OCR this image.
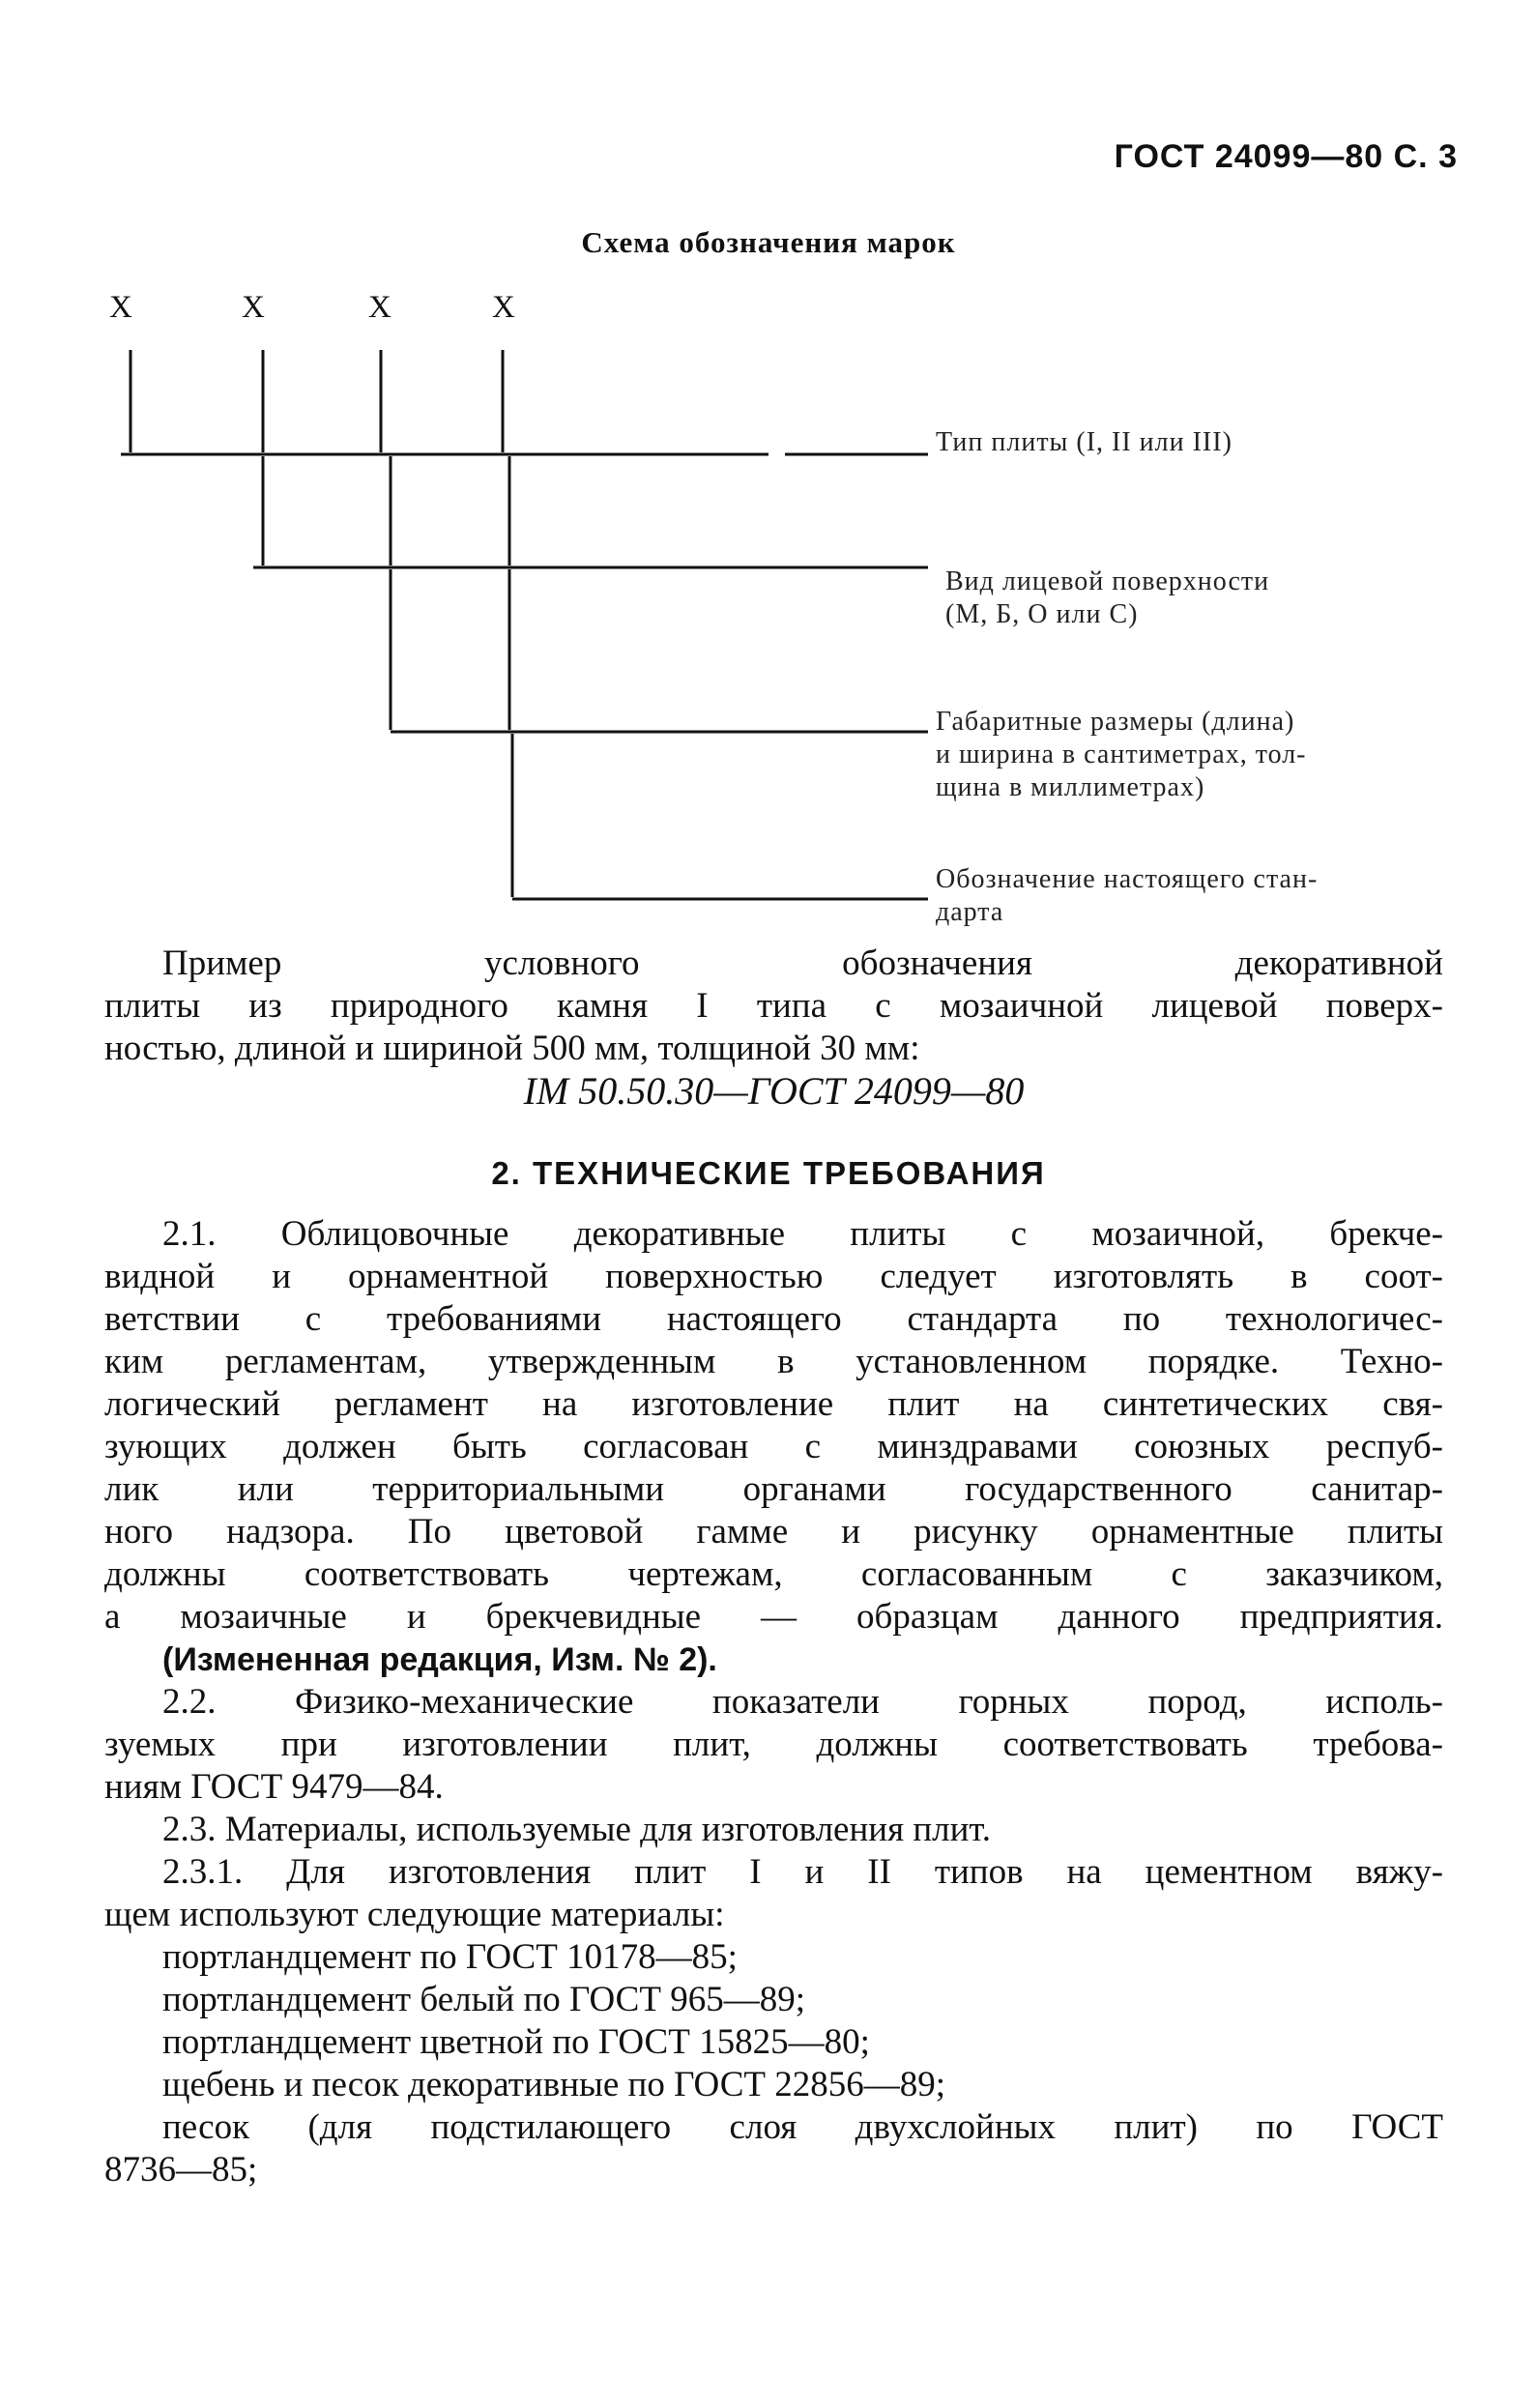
ГОСТ 24099—80 С. 3
Схема обозначения марок
X	X	X	X
Тип плиты (I, II или III)
Вид лицевой поверхности
(М, Б, О или С)
Габаритные размеры (длина)
и ширина в сантиметрах, тол-
щина в миллиметрах)
Обозначение настоящего стан-
дарта
Пример условного обозначения декоративной
плиты из природного камня I типа с мозаичной лицевой поверх-
ностью, длиной и шириной 500 мм, толщиной 30 мм:
IM 50.50.30—ГОСТ 24099—80
2. ТЕХНИЧЕСКИЕ ТРЕБОВАНИЯ
2.1. Облицовочные декоративные плиты с мозаичной, брекче-
видной и орнаментной поверхностью следует изготовлять в соот-
ветствии с требованиями настоящего стандарта по технологичес-
ким регламентам, утвержденным в установленном порядке. Техно-
логический регламент на изготовление плит на синтетических свя-
зующих должен быть согласован с минздравами союзных респуб-
лик или территориальными органами государственного санитар-
ного надзора. По цветовой гамме и рисунку орнаментные плиты
должны соответствовать чертежам, согласованным с заказчиком,
а мозаичные и брекчевидные — образцам данного предприятия.
(Измененная редакция, Изм. № 2).
2.2. Физико-механические показатели горных пород, исполь-
зуемых при изготовлении плит, должны соответствовать требова-
ниям ГОСТ 9479—84.
2.3. Материалы, используемые для изготовления плит.
2.3.1. Для изготовления плит I и II типов на цементном вяжу-
щем используют следующие материалы:
портландцемент по ГОСТ 10178—85;
портландцемент белый по ГОСТ 965—89;
портландцемент цветной по ГОСТ 15825—80;
щебень и песок декоративные по ГОСТ 22856—89;
песок (для подстилающего слоя двухслойных плит) по ГОСТ
8736—85;
